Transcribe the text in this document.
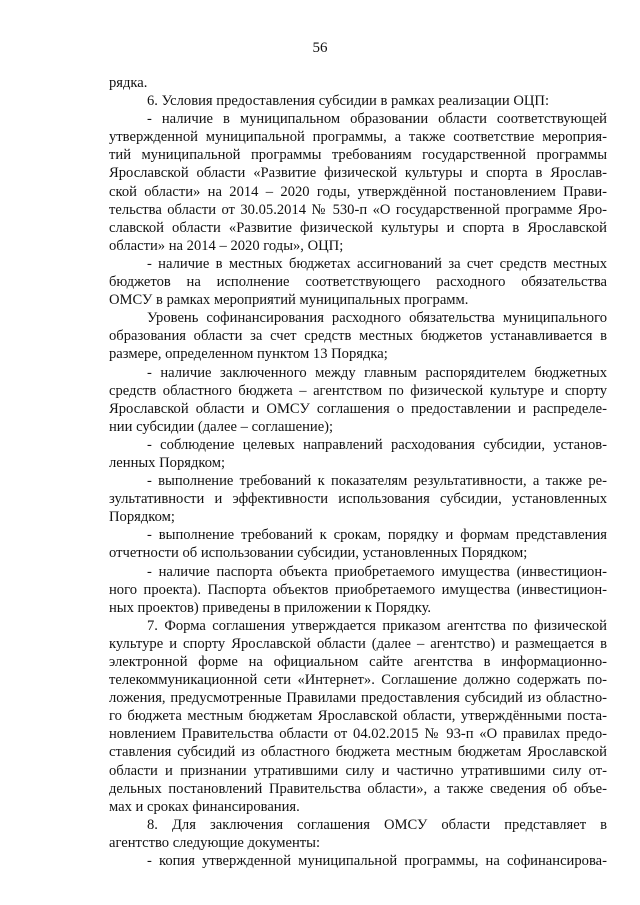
56
рядка.
6. Условия предоставления субсидии в рамках реализации ОЦП:
- наличие в муниципальном образовании области соответствующей
утвержденной муниципальной программы, а также соответствие мероприя-
тий муниципальной программы требованиям государственной программы
Ярославской области «Развитие физической культуры и спорта в Ярослав-
ской области» на 2014 – 2020 годы, утверждённой постановлением Прави-
тельства области от 30.05.2014 № 530-п «О государственной программе Яро-
славской области «Развитие физической культуры и спорта в Ярославской
области» на 2014 – 2020 годы», ОЦП;
- наличие в местных бюджетах ассигнований за счет средств местных
бюджетов на исполнение соответствующего расходного обязательства
ОМСУ в рамках мероприятий муниципальных программ.
Уровень софинансирования расходного обязательства муниципального
образования области за счет средств местных бюджетов устанавливается в
размере, определенном пунктом 13 Порядка;
- наличие заключенного между главным распорядителем бюджетных
средств областного бюджета – агентством по физической культуре и спорту
Ярославской области и ОМСУ соглашения о предоставлении и распределе-
нии субсидии (далее – соглашение);
- соблюдение целевых направлений расходования субсидии, установ-
ленных Порядком;
- выполнение требований к показателям результативности, а также ре-
зультативности и эффективности использования субсидии, установленных
Порядком;
- выполнение требований к срокам, порядку и формам представления
отчетности об использовании субсидии, установленных Порядком;
- наличие паспорта объекта приобретаемого имущества (инвестицион-
ного проекта). Паспорта объектов приобретаемого имущества (инвестицион-
ных проектов) приведены в приложении к Порядку.
7. Форма соглашения утверждается приказом агентства по физической
культуре и спорту Ярославской области (далее – агентство) и размещается в
электронной форме на официальном сайте агентства в информационно-
телекоммуникационной сети «Интернет». Соглашение должно содержать по-
ложения, предусмотренные Правилами предоставления субсидий из областно-
го бюджета местным бюджетам Ярославской области, утверждёнными поста-
новлением Правительства области от 04.02.2015 № 93-п «О правилах предо-
ставления субсидий из областного бюджета местным бюджетам Ярославской
области и признании утратившими силу и частично утратившими силу от-
дельных постановлений Правительства области», а также сведения об объе-
мах и сроках финансирования.
8. Для заключения соглашения ОМСУ области представляет в
агентство следующие документы:
- копия утвержденной муниципальной программы, на софинансирова-
